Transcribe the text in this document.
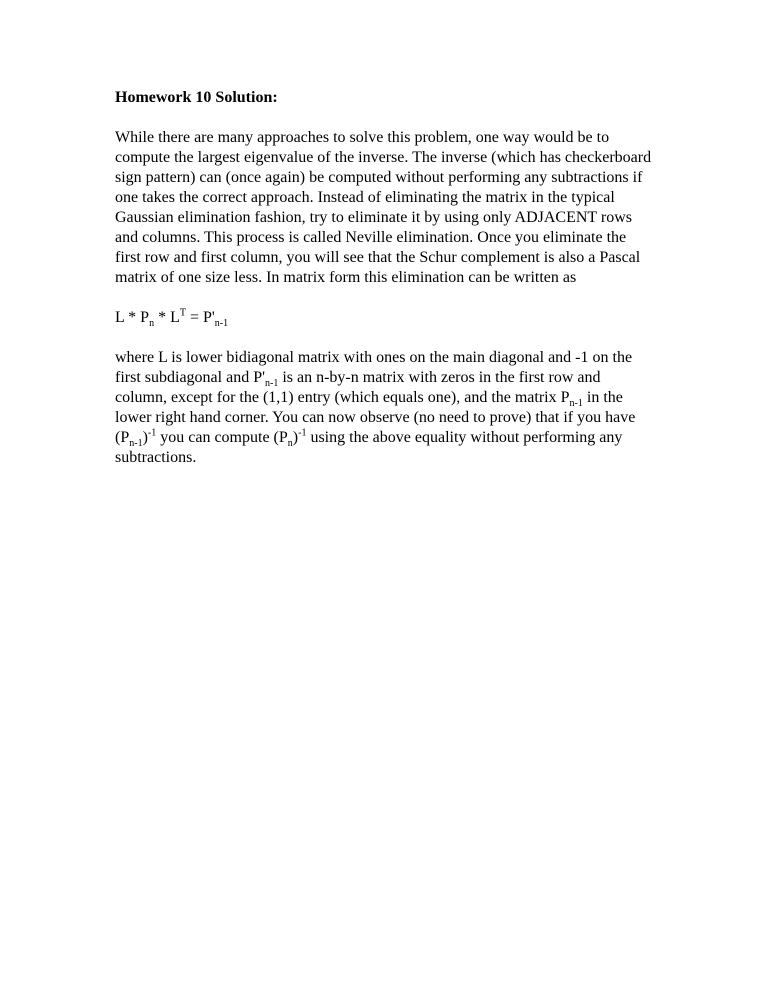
Homework 10 Solution:
While there are many approaches to solve this problem, one way would be to compute the largest eigenvalue of the inverse. The inverse (which has checkerboard sign pattern) can (once again) be computed without performing any subtractions if one takes the correct approach. Instead of eliminating the matrix in the typical Gaussian elimination fashion, try to eliminate it by using only ADJACENT rows and columns. This process is called Neville elimination. Once you eliminate the first row and first column, you will see that the Schur complement is also a Pascal matrix of one size less. In matrix form this elimination can be written as
$L * P_n * L^T = P'_{n-1}$
where L is lower bidiagonal matrix with ones on the main diagonal and -1 on the first subdiagonal and $P'_{n-1}$ is an n-by-n matrix with zeros in the first row and column, except for the (1,1) entry (which equals one), and the matrix $P_{n-1}$ in the lower right hand corner. You can now observe (no need to prove) that if you have $(P_{n-1})^{-1}$ you can compute $(P_n)^{-1}$ using the above equality without performing any subtractions.
